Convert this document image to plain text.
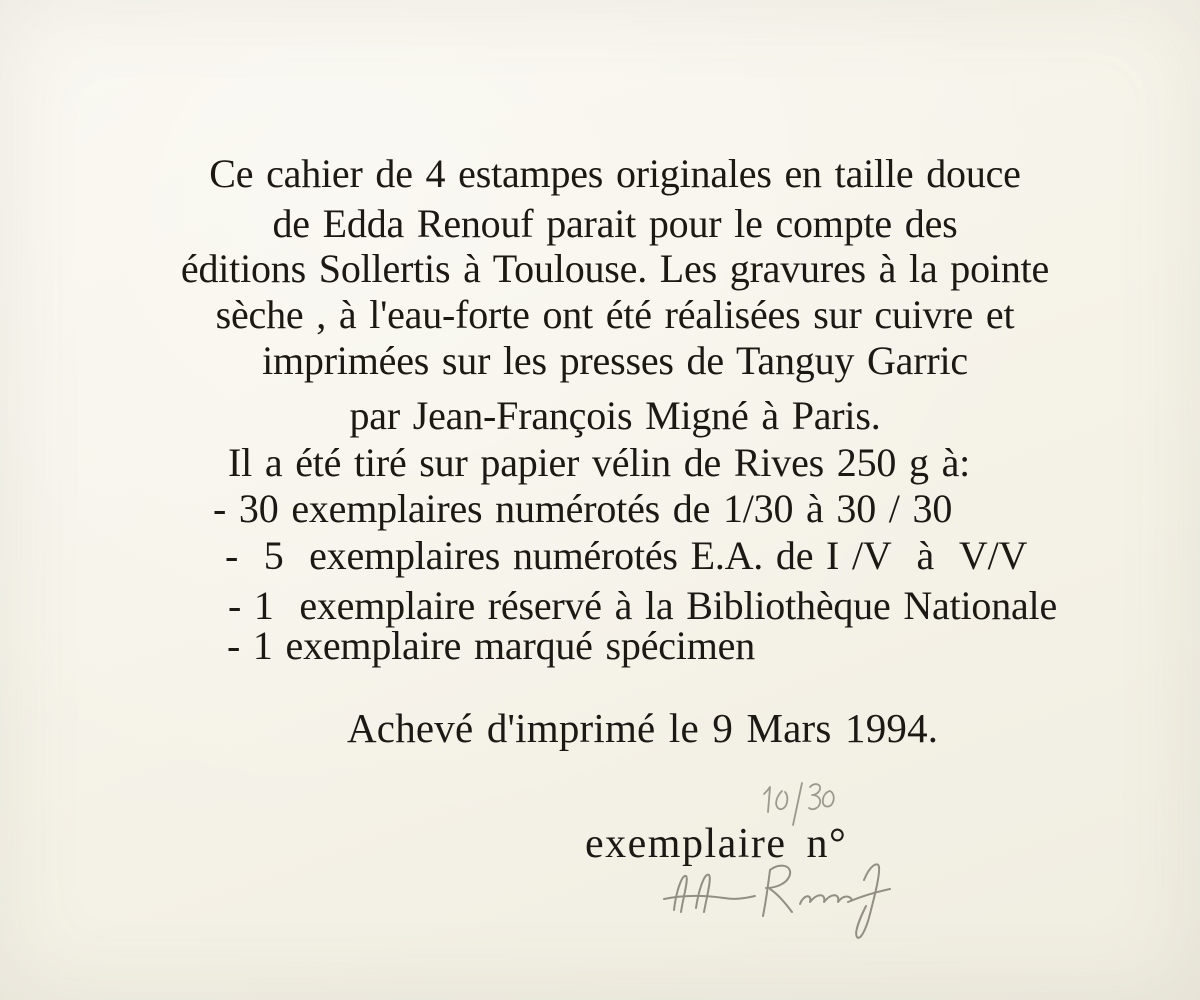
Ce cahier de 4 estampes originales en taille douce
de Edda Renouf parait pour le compte des
éditions Sollertis à Toulouse. Les gravures à la pointe
sèche , à l'eau-forte ont été réalisées sur cuivre et
imprimées sur les presses de Tanguy Garric
par Jean-François Migné à Paris.
Il a été tiré sur papier vélin de Rives 250 g à:
- 30 exemplaires numérotés de 1/30 à 30 / 30
-  5  exemplaires numérotés E.A. de I /V  à  V/V
- 1  exemplaire réservé à la Bibliothèque Nationale
- 1 exemplaire marqué spécimen
Achevé d'imprimé le 9 Mars 1994.

exemplaire n°
